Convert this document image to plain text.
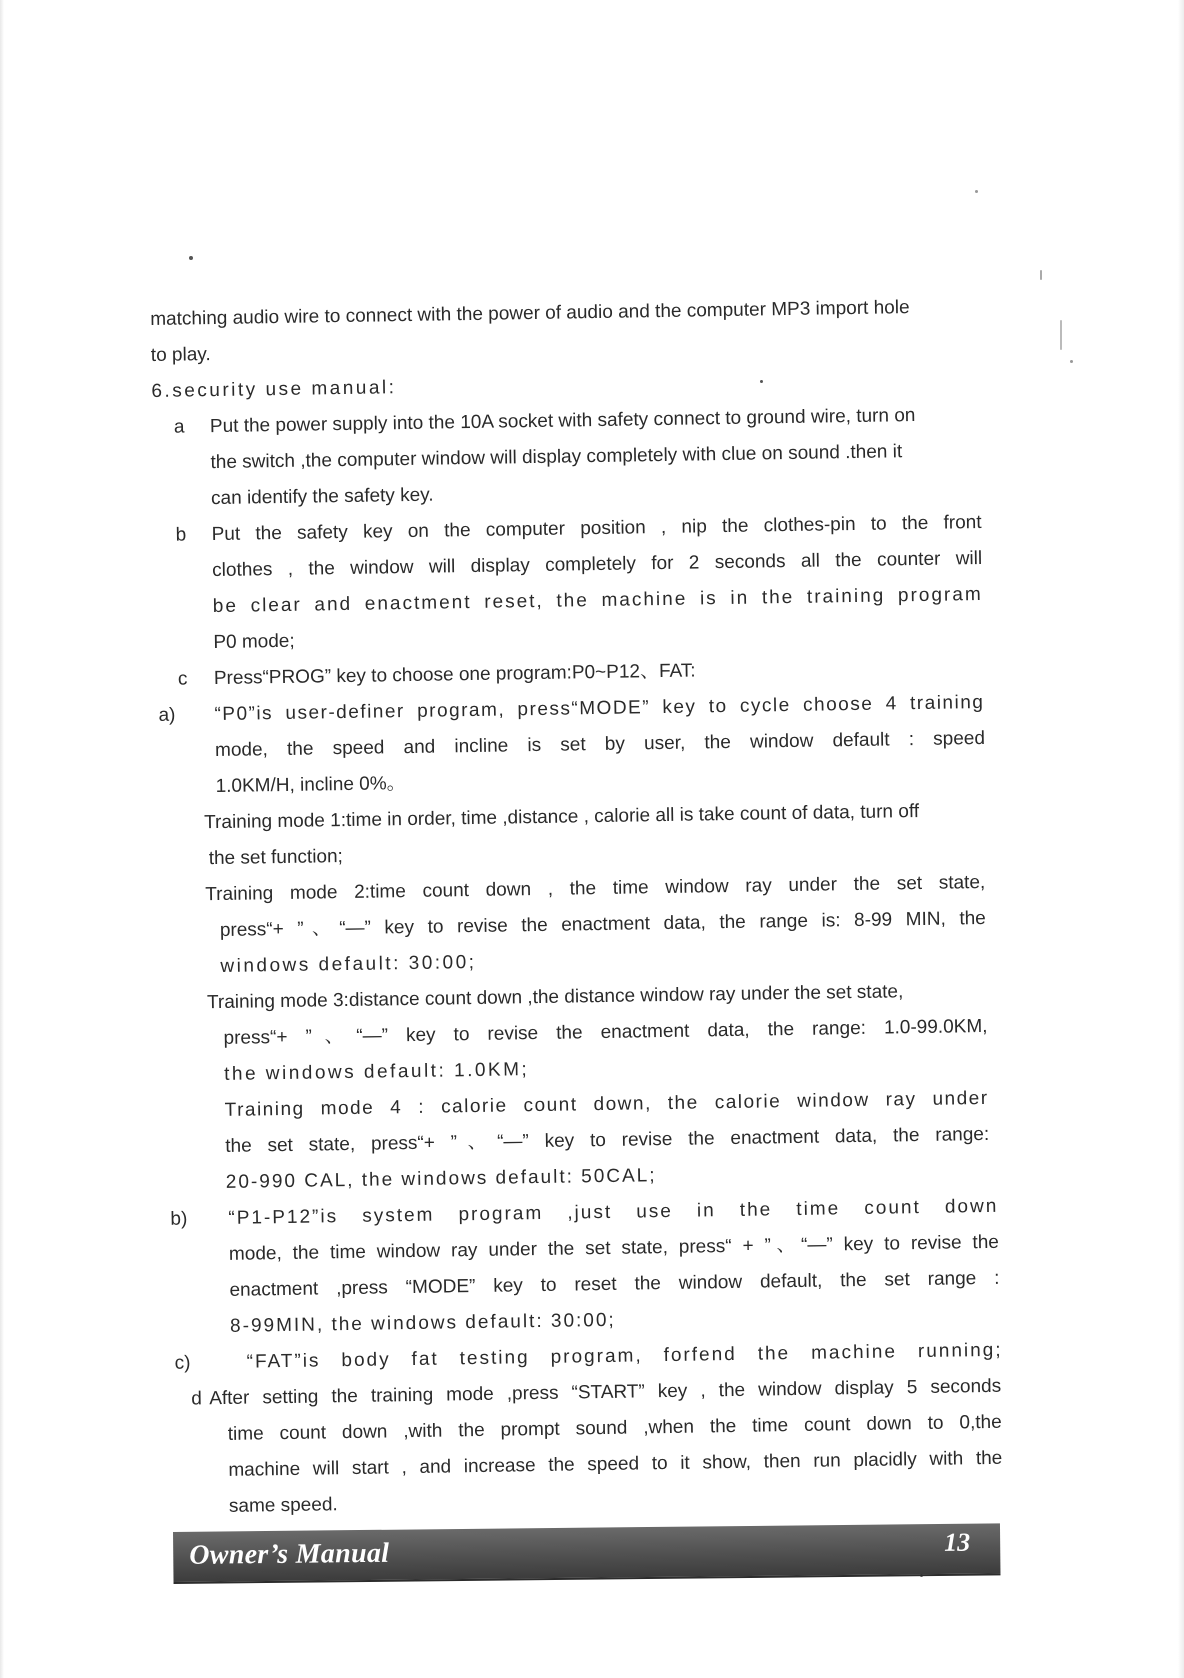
matching audio wire to connect with the power of audio and the computer MP3 import hole
to play.
6.security use manual:
a	Put the power supply into the 10A socket with safety connect to ground wire, turn on
the switch ,the computer window will display completely with clue on sound .then it
can identify the safety key.
b	Put the safety key on the computer position , nip the clothes-pin to the front
clothes , the window will display completely for 2 seconds all the counter will
be clear and enactment reset, the machine is in the training program
P0 mode;
c	Press“PROG” key to choose one program:P0~P12、FAT:
a)	“P0”is user-definer program, press“MODE” key to cycle choose 4 training
mode, the speed and incline is set by user, the window default : speed
1.0KM/H, incline 0%。
Training mode 1:time in order, time ,distance , calorie all is take count of data, turn off
the set function;
Training mode 2:time count down , the time window ray under the set state,
press“+ ”、“—” key to revise the enactment data, the range is: 8-99 MIN, the
windows default: 30:00;
Training mode 3:distance count down ,the distance window ray under the set state,
press“+ ”、“—” key to revise the enactment data, the range: 1.0-99.0KM,
the windows default: 1.0KM;
Training mode 4 : calorie count down, the calorie window ray under
the set state, press“+ ”、“—” key to revise the enactment data, the range:
20-990 CAL, the windows default: 50CAL;
b)	“P1-P12”is system program ,just use in the time count down
mode, the time window ray under the set state, press“ + ”、“—” key to revise the
enactment ,press “MODE” key to reset the window default, the set range :
8-99MIN, the windows default: 30:00;
c)	“FAT”is body fat testing program, forfend the machine running;
d After setting the training mode ,press “START” key , the window display 5 seconds
time count down ,with the prompt sound ,when the time count down to 0,the
machine will start , and increase the speed to it show, then run placidly with the
same speed.
Owner’s Manual	13
